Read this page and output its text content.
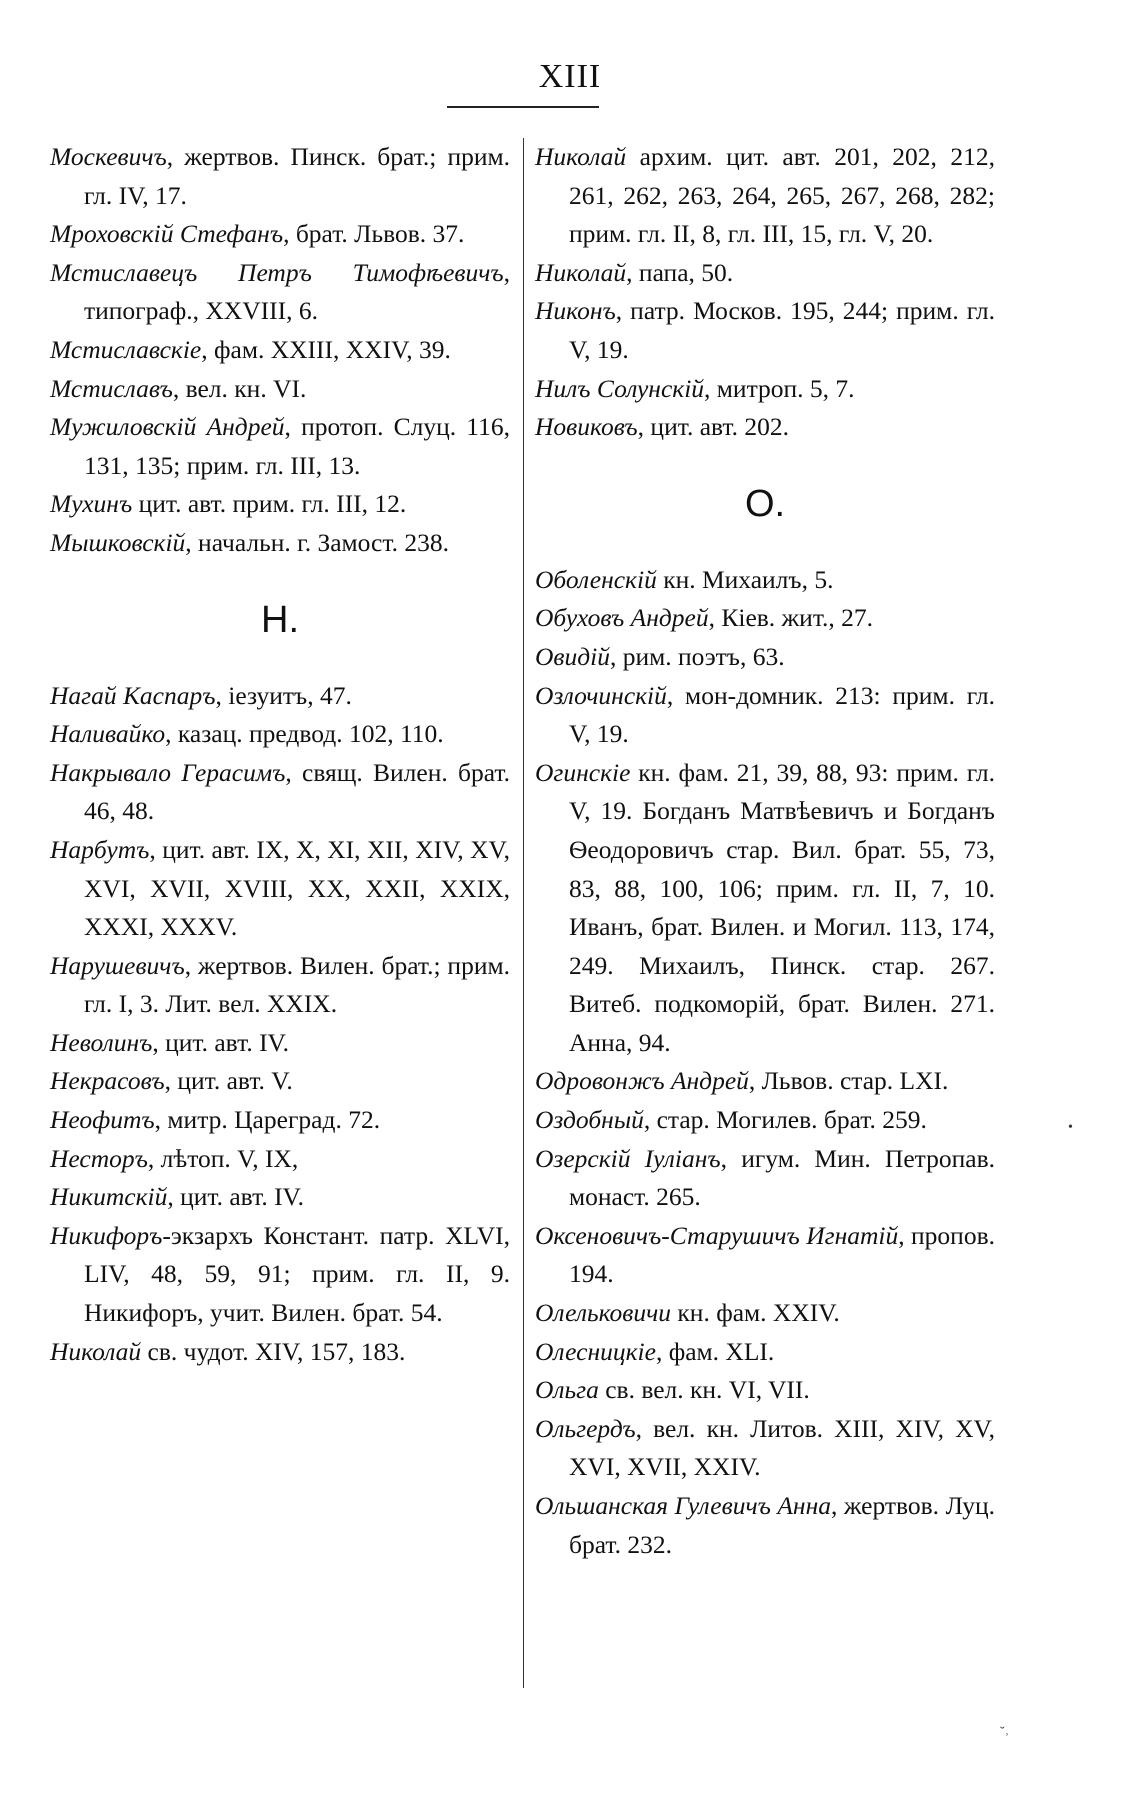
XIII
Москевичъ, жертвов. Пинск. брат.; прим. гл. IV, 17.
Мроховскій Стефанъ, брат. Львов. 37.
Мстиславецъ Петръ Тимофѣевичъ, типограф., XXVIII, 6.
Мстиславскіе, фам. XXIII, XXIV, 39.
Мстиславъ, вел. кн. VI.
Мужиловскій Андрей, протоп. Слуц. 116, 131, 135; прим. гл. III, 13.
Мухинъ цит. авт. прим. гл. III, 12.
Мышковскій, начальн. г. Замост. 238.
Н.
Нагай Каспаръ, iезуитъ, 47.
Наливайко, казац. предвод. 102, 110.
Накрывало Герасимъ, свящ. Вилен. брат. 46, 48.
Нарбутъ, цит. авт. IX, X, XI, XII, XIV, XV, XVI, XVII, XVIII, XX, XXII, XXIX, XXXI, XXXV.
Нарушевичъ, жертвов. Вилен. брат.; прим. гл. I, 3. Лит. вел. XXIX.
Неволинъ, цит. авт. IV.
Некрасовъ, цит. авт. V.
Неофитъ, митр. Цареград. 72.
Несторъ, лѣтоп. V, IX,
Никитскій, цит. авт. IV.
Никифоръ-экзархъ Констант. патр. XLVI, LIV, 48, 59, 91; прим. гл. II, 9. Никифоръ, учит. Вилен. брат. 54.
Николай св. чудот. XIV, 157, 183.
Николай архим. цит. авт. 201, 202, 212, 261, 262, 263, 264, 265, 267, 268, 282; прим. гл. II, 8, гл. III, 15, гл. V, 20.
Николай, папа, 50.
Никонъ, патр. Москов. 195, 244; прим. гл. V, 19.
Нилъ Солунскій, митроп. 5, 7.
Новиковъ, цит. авт. 202.
О.
Оболенскій кн. Михаилъ, 5.
Обуховъ Андрей, Кіев. жит., 27.
Овидій, рим. поэтъ, 63.
Озлочинскій, мон-домник. 213: прим. гл. V, 19.
Огинскіе кн. фам. 21, 39, 88, 93: прим. гл. V, 19. Богданъ Матвѣевичъ и Богданъ Ѳеодоровичъ стар. Вил. брат. 55, 73, 83, 88, 100, 106; прим. гл. II, 7, 10. Иванъ, брат. Вилен. и Могил. 113, 174, 249. Михаилъ, Пинск. стар. 267. Витеб. подкоморій, брат. Вилен. 271. Анна, 94.
Одровонжъ Андрей, Львов. стар. LXI.
Оздобный, стар. Могилев. брат. 259.
Озерскій Іуліанъ, игум. Мин. Петропав. монаст. 265.
Оксеновичъ-Старушичъ Игнатій, пропов. 194.
Олельковичи кн. фам. XXIV.
Олесницкіе, фам. XLI.
Ольга св. вел. кн. VI, VII.
Ольгердъ, вел. кн. Литов. XIII, XIV, XV, XVI, XVII, XXIV.
Ольшанская Гулевичъ Анна, жертвов. Луц. брат. 232.
•
˘˒
